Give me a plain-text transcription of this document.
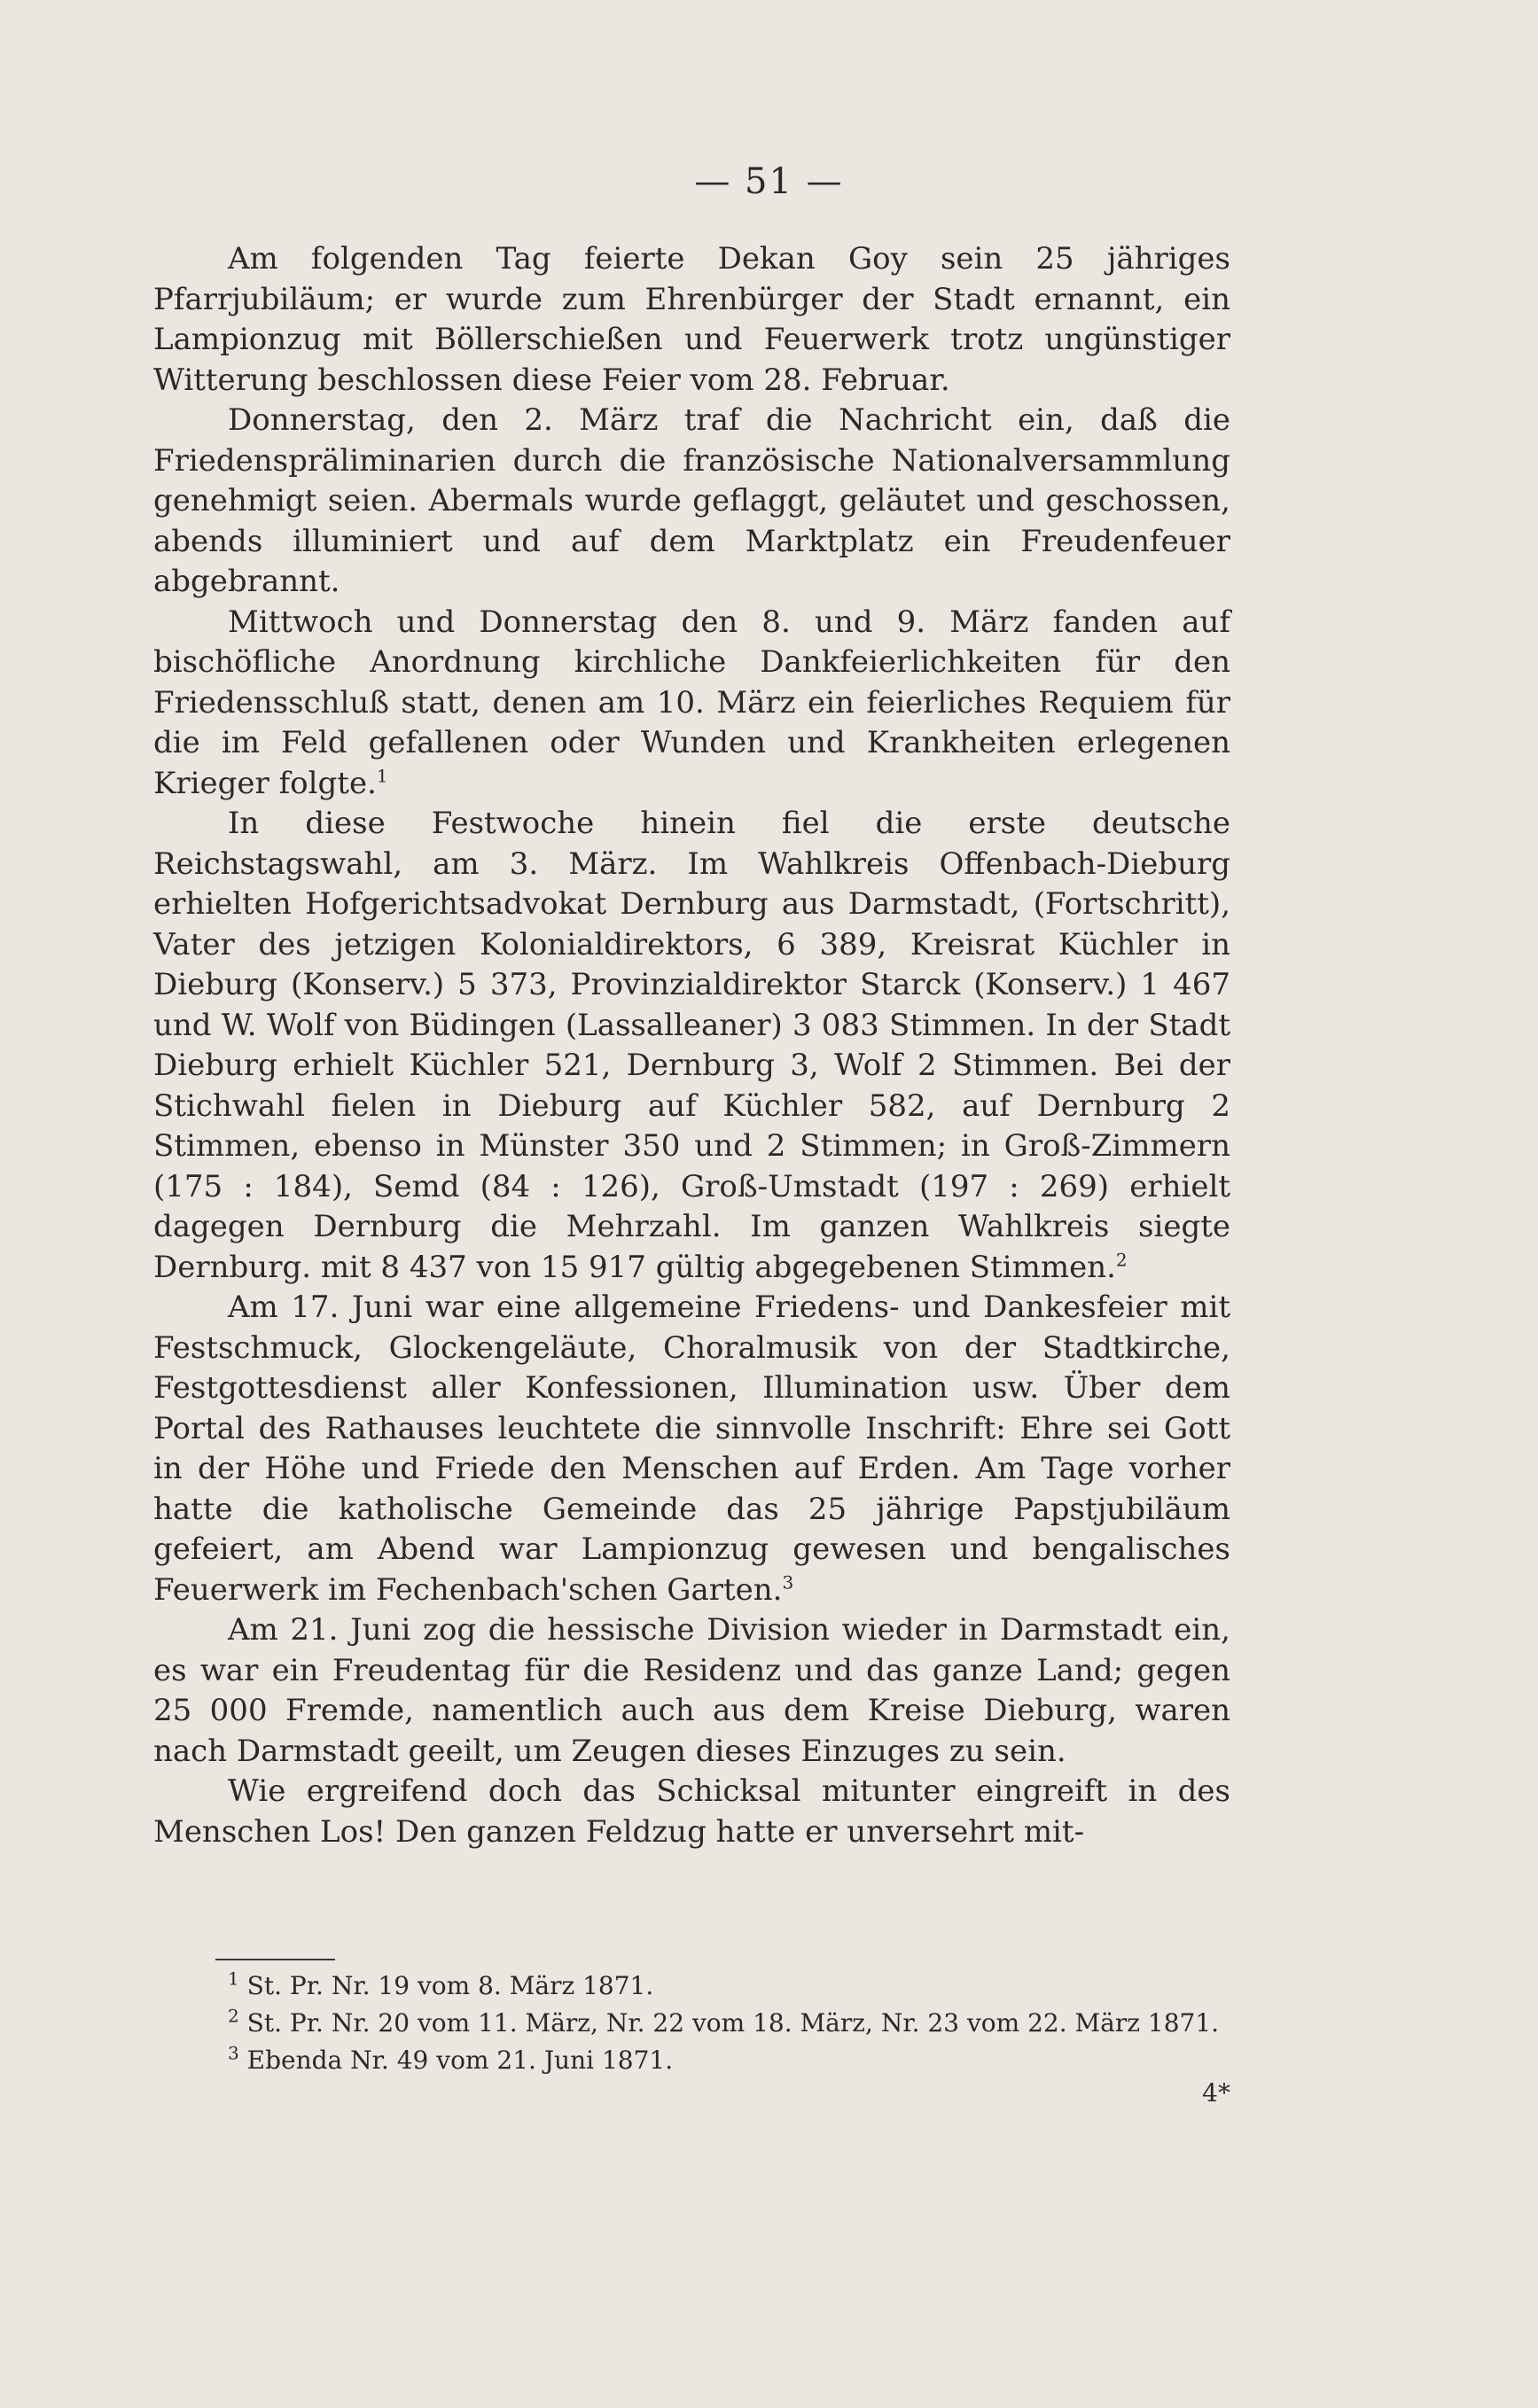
— 51 —

Am folgenden Tag feierte Dekan Goy sein 25 jähriges Pfarrjubiläum; er wurde zum Ehrenbürger der Stadt ernannt, ein Lampionzug mit Böllerschießen und Feuerwerk trotz ungünstiger Witterung beschlossen diese Feier vom 28. Februar.

Donnerstag, den 2. März traf die Nachricht ein, daß die Friedenspräliminarien durch die französische Nationalversammlung genehmigt seien. Abermals wurde geflaggt, geläutet und geschossen, abends illuminiert und auf dem Marktplatz ein Freudenfeuer abgebrannt.

Mittwoch und Donnerstag den 8. und 9. März fanden auf bischöfliche Anordnung kirchliche Dankfeierlichkeiten für den Friedensschluß statt, denen am 10. März ein feierliches Requiem für die im Feld gefallenen oder Wunden und Krankheiten erlegenen Krieger folgte.$^1$

In diese Festwoche hinein fiel die erste deutsche Reichstagswahl, am 3. März. Im Wahlkreis Offenbach-Dieburg erhielten Hofgerichtsadvokat Dernburg aus Darmstadt, (Fortschritt), Vater des jetzigen Kolonialdirektors, 6 389, Kreisrat Küchler in Dieburg (Konserv.) 5 373, Provinzialdirektor Starck (Konserv.) 1 467 und W. Wolf von Büdingen (Lassalleaner) 3 083 Stimmen. In der Stadt Dieburg erhielt Küchler 521, Dernburg 3, Wolf 2 Stimmen. Bei der Stichwahl fielen in Dieburg auf Küchler 582, auf Dernburg 2 Stimmen, ebenso in Münster 350 und 2 Stimmen; in Groß-Zimmern (175 : 184), Semd (84 : 126), Groß-Umstadt (197 : 269) erhielt dagegen Dernburg die Mehrzahl. Im ganzen Wahlkreis siegte Dernburg. mit 8 437 von 15 917 gültig abgegebenen Stimmen.$^2$

Am 17. Juni war eine allgemeine Friedens- und Dankesfeier mit Festschmuck, Glockengeläute, Choralmusik von der Stadtkirche, Festgottesdienst aller Konfessionen, Illumination usw. Über dem Portal des Rathauses leuchtete die sinnvolle Inschrift: Ehre sei Gott in der Höhe und Friede den Menschen auf Erden. Am Tage vorher hatte die katholische Gemeinde das 25 jährige Papstjubiläum gefeiert, am Abend war Lampionzug gewesen und bengalisches Feuerwerk im Fechenbach'schen Garten.$^3$

Am 21. Juni zog die hessische Division wieder in Darmstadt ein, es war ein Freudentag für die Residenz und das ganze Land; gegen 25 000 Fremde, namentlich auch aus dem Kreise Dieburg, waren nach Darmstadt geeilt, um Zeugen dieses Einzuges zu sein.

Wie ergreifend doch das Schicksal mitunter eingreift in des Menschen Los! Den ganzen Feldzug hatte er unversehrt mit-

$^1$ St. Pr. Nr. 19 vom 8. März 1871.

$^2$ St. Pr. Nr. 20 vom 11. März, Nr. 22 vom 18. März, Nr. 23 vom 22. März 1871.

$^3$ Ebenda Nr. 49 vom 21. Juni 1871.

4*
